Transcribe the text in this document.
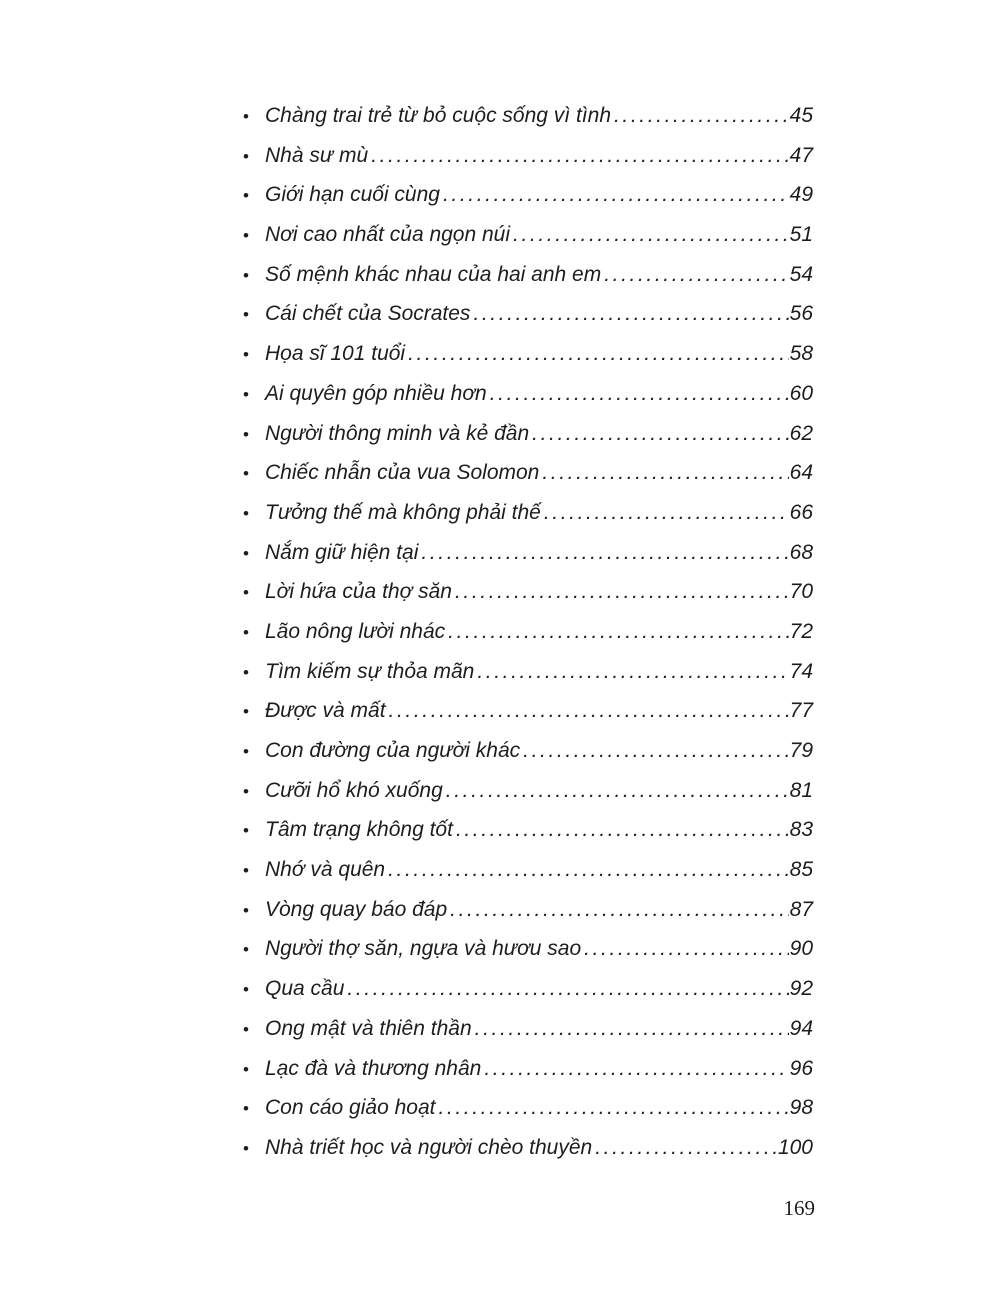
• Chàng trai trẻ từ bỏ cuộc sống vì tình .....	45
• Nhà sư mù .....	47
• Giới hạn cuối cùng .....	49
• Nơi cao nhất của ngọn núi .....	51
• Số mệnh khác nhau của hai anh em .....	54
• Cái chết của Socrates .....	56
• Họa sĩ 101 tuổi .....	58
• Ai quyên góp nhiều hơn .....	60
• Người thông minh và kẻ đần .....	62
• Chiếc nhẫn của vua Solomon .....	64
• Tưởng thế mà không phải thế .....	66
• Nắm giữ hiện tại .....	68
• Lời hứa của thợ săn .....	70
• Lão nông lười nhác .....	72
• Tìm kiếm sự thỏa mãn .....	74
• Được và mất .....	77
• Con đường của người khác .....	79
• Cưỡi hổ khó xuống .....	81
• Tâm trạng không tốt .....	83
• Nhớ và quên .....	85
• Vòng quay báo đáp .....	87
• Người thợ săn, ngựa và hươu sao .....	90
• Qua cầu .....	92
• Ong mật và thiên thần .....	94
• Lạc đà và thương nhân .....	96
• Con cáo giảo hoạt .....	98
• Nhà triết học và người chèo thuyền .....	100
169
